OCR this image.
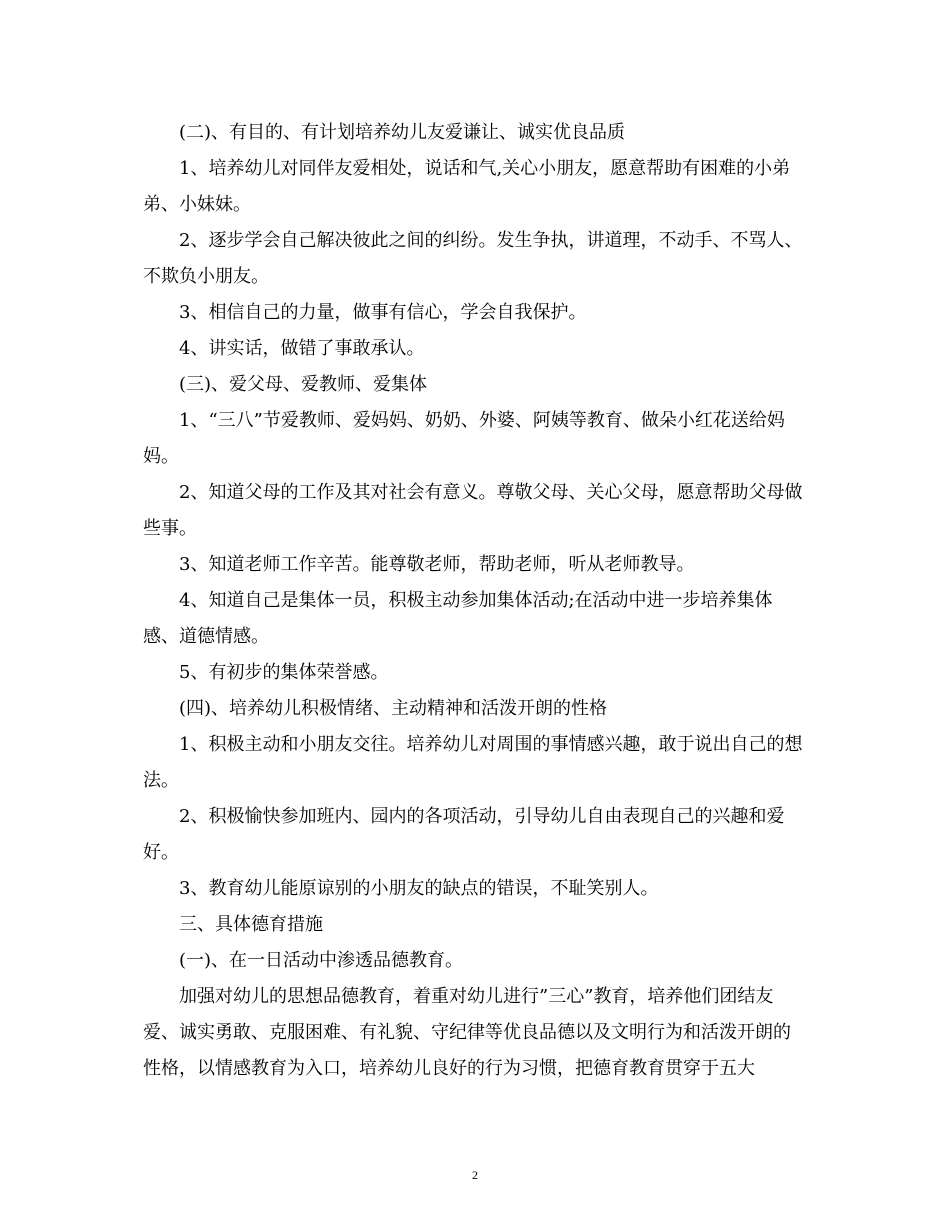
(二)、有目的、有计划培养幼儿友爱谦让、诚实优良品质

1、培养幼儿对同伴友爱相处，说话和气,关心小朋友，愿意帮助有困难的小弟弟、小妹妹。

2、逐步学会自己解决彼此之间的纠纷。发生争执，讲道理，不动手、不骂人、不欺负小朋友。

3、相信自己的力量，做事有信心，学会自我保护。

4、讲实话，做错了事敢承认。

(三)、爱父母、爱教师、爱集体

1、“三八”节爱教师、爱妈妈、奶奶、外婆、阿姨等教育、做朵小红花送给妈妈。

2、知道父母的工作及其对社会有意义。尊敬父母、关心父母，愿意帮助父母做些事。

3、知道老师工作辛苦。能尊敬老师，帮助老师，听从老师教导。

4、知道自己是集体一员，积极主动参加集体活动;在活动中进一步培养集体感、道德情感。

5、有初步的集体荣誉感。

(四)、培养幼儿积极情绪、主动精神和活泼开朗的性格

1、积极主动和小朋友交往。培养幼儿对周围的事情感兴趣，敢于说出自己的想法。

2、积极愉快参加班内、园内的各项活动，引导幼儿自由表现自己的兴趣和爱好。

3、教育幼儿能原谅别的小朋友的缺点的错误，不耻笑别人。

三、具体德育措施

(一)、在一日活动中渗透品德教育。

加强对幼儿的思想品德教育，着重对幼儿进行”三心”教育，培养他们团结友爱、诚实勇敢、克服困难、有礼貌、守纪律等优良品德以及文明行为和活泼开朗的性格，以情感教育为入口，培养幼儿良好的行为习惯，把德育教育贯穿于五大

2
